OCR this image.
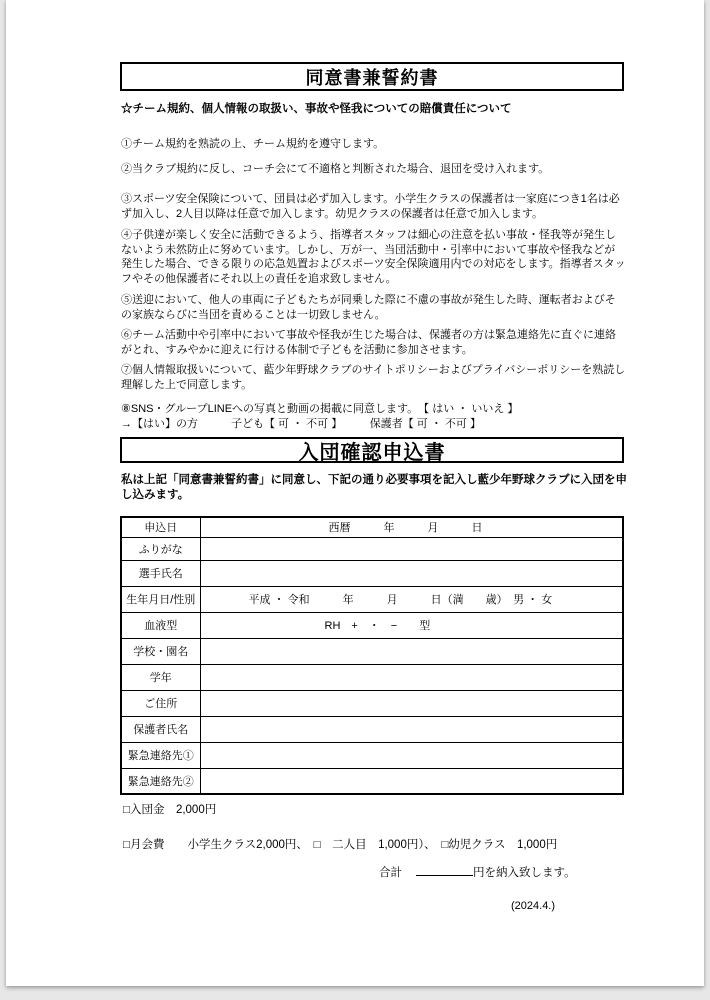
同意書兼誓約書
☆チーム規約、個人情報の取扱い、事故や怪我についての賠償責任について
①チーム規約を熟読の上、チーム規約を遵守します。
②当クラブ規約に反し、コーチ会にて不適格と判断された場合、退団を受け入れます。
③スポーツ安全保険について、団員は必ず加入します。小学生クラスの保護者は一家庭につき1名は必ず加入し、2人目以降は任意で加入します。幼児クラスの保護者は任意で加入します。
④子供達が楽しく安全に活動できるよう、指導者スタッフは細心の注意を払い事故・怪我等が発生しないよう未然防止に努めています。しかし、万が一、当団活動中・引率中において事故や怪我などが発生した場合、できる限りの応急処置およびスポーツ安全保険適用内での対応をします。指導者スタッフやその他保護者にそれ以上の責任を追求致しません。
⑤送迎において、他人の車両に子どもたちが同乗した際に不慮の事故が発生した時、運転者およびその家族ならびに当団を責めることは一切致しません。
⑥チーム活動中や引率中において事故や怪我が生じた場合は、保護者の方は緊急連絡先に直ぐに連絡がとれ、すみやかに迎えに行ける体制で子どもを活動に参加させます。
⑦個人情報取扱いについて、藍少年野球クラブのサイトポリシーおよびプライバシーポリシーを熟読し理解した上で同意します。
⑧SNS・グループLINEへの写真と動画の掲載に同意します。　【 はい ・ いいえ 】
→【はい】の方　　　子ども【 可 ・ 不可 】　　　保護者【 可 ・ 不可 】
入団確認申込書
私は上記「同意書兼誓約書」に同意し、下記の通り必要事項を記入し藍少年野球クラブに入団を申し込みます。
申込日	西暦　　　年　　　月　　　日
ふりがな	
選手氏名	
生年月日/性別	平成 ・ 令和　　　年　　　月　　　日（満　　歳）　男 ・ 女
血液型	RH　+　・　−　　型
学校・園名	
学年	
ご住所	
保護者氏名	
緊急連絡先①	
緊急連絡先②	
□入団金　2,000円
□月会費　　小学生クラス2,000円、　□　二人目　1,000円）、　□幼児クラス　1,000円
合計	円を納入致します。
(2024.4.)
